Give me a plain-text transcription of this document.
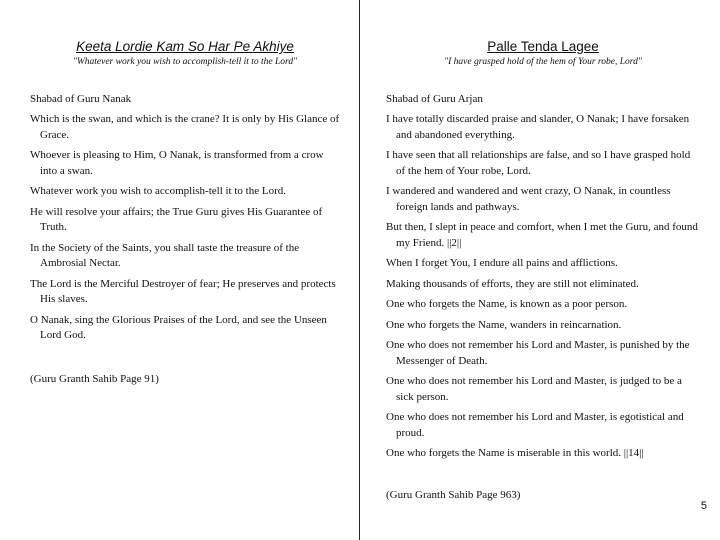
Keeta Lordie Kam So Har Pe Akhiye

"Whatever work you wish to accomplish-tell it to the Lord"

Shabad of Guru Nanak

Which is the swan, and which is the crane? It is only by His Glance of Grace.
Whoever is pleasing to Him, O Nanak, is transformed from a crow into a swan.
Whatever work you wish to accomplish-tell it to the Lord.
He will resolve your affairs; the True Guru gives His Guarantee of Truth.
In the Society of the Saints, you shall taste the treasure of the Ambrosial Nectar.
The Lord is the Merciful Destroyer of fear; He preserves and protects His slaves.
O Nanak, sing the Glorious Praises of the Lord, and see the Unseen Lord God.
(Guru Granth Sahib Page 91)

Palle Tenda Lagee

"I have grasped hold of the hem of Your robe, Lord"

Shabad of Guru Arjan

I have totally discarded praise and slander, O Nanak; I have forsaken and abandoned everything.
I have seen that all relationships are false, and so I have grasped hold of the hem of Your robe, Lord.
I wandered and wandered and went crazy, O Nanak, in countless foreign lands and pathways.
But then, I slept in peace and comfort, when I met the Guru, and found my Friend. ||2||
When I forget You, I endure all pains and afflictions.
Making thousands of efforts, they are still not eliminated.
One who forgets the Name, is known as a poor person.
One who forgets the Name, wanders in reincarnation.
One who does not remember his Lord and Master, is punished by the Messenger of Death.
One who does not remember his Lord and Master, is judged to be a sick person.
One who does not remember his Lord and Master, is egotistical and proud.
One who forgets the Name is miserable in this world. ||14||
(Guru Granth Sahib Page 963)
5
